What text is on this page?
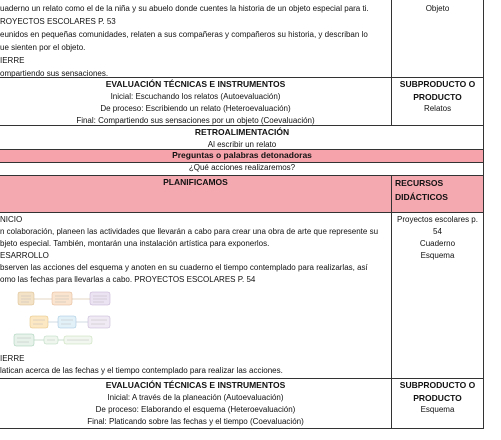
uaderno un relato como el de la niña y su abuelo donde cuentes la historia de un objeto especial para ti.
ROYECTOS ESCOLARES P. 53
eunidos en pequeñas comunidades, relaten a sus compañeras y compañeros su historia, y describan lo
ue sienten por el objeto.
IERRE
ompartiendo sus sensaciones.
Objeto
EVALUACIÓN TÉCNICAS E INSTRUMENTOS
Inicial: Escuchando los relatos (Autoevaluación)
De proceso: Escribiendo un relato (Heteroevaluación)
Final: Compartiendo sus sensaciones por un objeto (Coevaluación)
SUBPRODUCTO O
PRODUCTO
Relatos
RETROALIMENTACIÓN
Al escribir un relato
Preguntas o palabras detonadoras
¿Qué acciones realizaremos?
PLANIFICAMOS	RECURSOS
DIDÁCTICOS
NICIO
n colaboración, planeen las actividades que llevarán a cabo para crear una obra de arte que represente su
bjeto especial. También, montarán una instalación artística para exponerlos.
ESARROLLO
bserven las acciones del esquema y anoten en su cuaderno el tiempo contemplado para realizarlas, así
omo las fechas para llevarlas a cabo. PROYECTOS ESCOLARES P. 54
IERRE
latican acerca de las fechas y el tiempo contemplado para realizar las acciones.
Proyectos escolares p.
54
Cuaderno
Esquema
EVALUACIÓN TÉCNICAS E INSTRUMENTOS
Inicial: A través de la planeación (Autoevaluación)
De proceso: Elaborando el esquema (Heteroevaluación)
Final: Platicando sobre las fechas y el tiempo (Coevaluación)
SUBPRODUCTO O
PRODUCTO
Esquema
